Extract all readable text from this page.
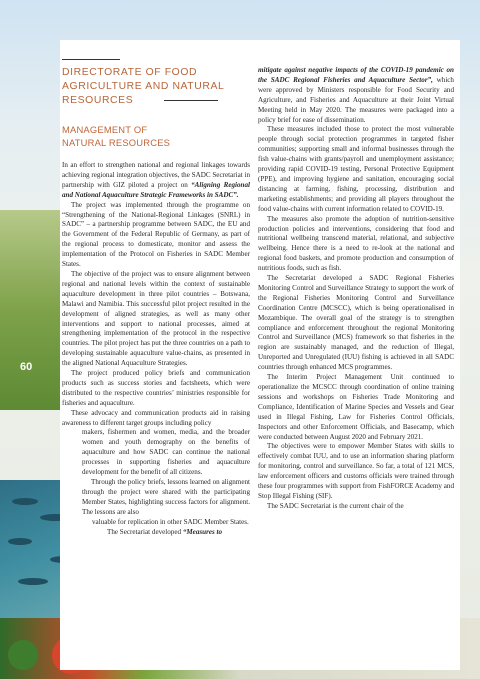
DIRECTORATE OF FOOD AGRICULTURE AND NATURAL RESOURCES
MANAGEMENT OF NATURAL RESOURCES
60

In an effort to strengthen national and regional linkages towards achieving regional integration objectives, the SADC Secretariat in partnership with GIZ piloted a project on “Aligning Regional and National Aquaculture Strategic Frameworks in SADC”.

The project was implemented through the programme on “Strengthening of the National-Regional Linkages (SNRL) in SADC” – a partnership programme between SADC, the EU and the Government of the Federal Republic of Germany, as part of the regional process to domesticate, monitor and assess the implementation of the Protocol on Fisheries in SADC Member States.

The objective of the project was to ensure alignment between regional and national levels within the context of sustainable aquaculture development in three pilot countries – Botswana, Malawi and Namibia. This successful pilot project resulted in the development of aligned strategies, as well as many other interventions and support to national processes, aimed at strengthening implementation of the protocol in the respective countries. The pilot project has put the three countries on a path to developing sustainable aquaculture value-chains, as presented in the aligned National Aquaculture Strategies.

The project produced policy briefs and communication products such as success stories and factsheets, which were distributed to the respective countries’ ministries responsible for fisheries and aquaculture.

These advocacy and communication products aid in raising awareness to different target groups including policy

makers, fishermen and women, media, and the broader women and youth demography on the benefits of aquaculture and how SADC can continue the national processes in supporting fisheries and aquaculture development for the benefit of all citizens.

Through the policy briefs, lessons learned on alignment through the project were shared with the participating Member States, highlighting success factors for alignment. The lessons are also

valuable for replication in other SADC Member States.

The Secretariat developed “Measures to

mitigate against negative impacts of the COVID-19 pandemic on the SADC Regional Fisheries and Aquaculture Sector”, which were approved by Ministers responsible for Food Security and Agriculture, and Fisheries and Aquaculture at their Joint Virtual Meeting held in May 2020. The measures were packaged into a policy brief for ease of dissemination.

These measures included those to protect the most vulnerable people through social protection programmes in targeted fisher communities; supporting small and informal businesses through the fish value-chains with grants/payroll and unemployment assistance; providing rapid COVID-19 testing, Personal Protective Equipment (PPE), and improving hygiene and sanitation, encouraging social distancing at farming, fishing, processing, distribution and marketing establishments; and providing all players throughout the food value-chains with current information related to COVID-19.

The measures also promote the adoption of nutrition-sensitive production policies and interventions, considering that food and nutritional wellbeing transcend material, relational, and subjective wellbeing. Hence there is a need to re-look at the national and regional food baskets, and promote production and consumption of nutritious foods, such as fish.

The Secretariat developed a SADC Regional Fisheries Monitoring Control and Surveillance Strategy to support the work of the Regional Fisheries Monitoring Control and Surveillance Coordination Centre (MCSCC), which is being operationalised in Mozambique. The overall goal of the strategy is to strengthen compliance and enforcement throughout the regional Monitoring Control and Surveillance (MCS) framework so that fisheries in the region are sustainably managed, and the reduction of Illegal, Unreported and Unregulated (IUU) fishing is achieved in all SADC countries through enhanced MCS programmes.

The Interim Project Management Unit continued to operationalize the MCSCC through coordination of online training sessions and workshops on Fisheries Trade Monitoring and Compliance, Identification of Marine Species and Vessels and Gear used in Illegal Fishing, Law for Fisheries Control Officials, Inspectors and other Enforcement Officials, and Basecamp, which were conducted between August 2020 and February 2021.

The objectives were to empower Member States with skills to effectively combat IUU, and to use an information sharing platform for monitoring, control and surveillance. So far, a total of 121 MCS, law enforcement officers and customs officials were trained through these four programmes with support from FishFORCE Academy and Stop Illegal Fishing (SIF).

The SADC Secretariat is the current chair of the
